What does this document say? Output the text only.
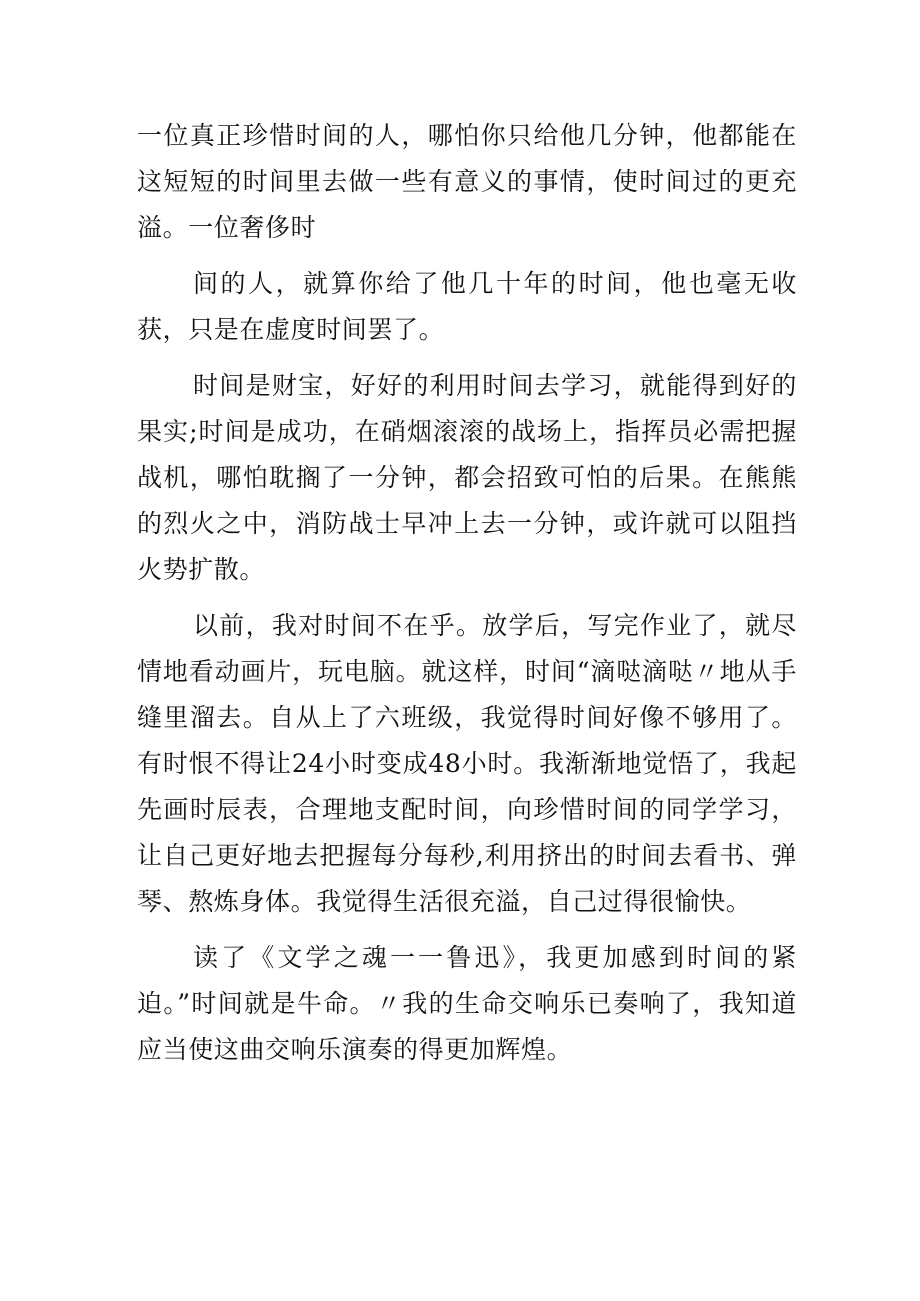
一位真正珍惜时间的人，哪怕你只给他几分钟，他都能在这短短的时间里去做一些有意义的事情，使时间过的更充溢。一位奢侈时

间的人，就算你给了他几十年的时间，他也毫无收获，只是在虚度时间罢了。

时间是财宝，好好的利用时间去学习，就能得到好的果实;时间是成功，在硝烟滚滚的战场上，指挥员必需把握战机，哪怕耽搁了一分钟，都会招致可怕的后果。在熊熊的烈火之中，消防战士早冲上去一分钟，或许就可以阻挡火势扩散。

以前，我对时间不在乎。放学后，写完作业了，就尽情地看动画片，玩电脑。就这样，时间“滴哒滴哒〃地从手缝里溜去。自从上了六班级，我觉得时间好像不够用了。有时恨不得让24小时变成48小时。我渐渐地觉悟了，我起先画时辰表，合理地支配时间，向珍惜时间的同学学习，让自己更好地去把握每分每秒,利用挤出的时间去看书、弹琴、熬炼身体。我觉得生活很充溢，自己过得很愉快。

读了《文学之魂一一鲁迅》，我更加感到时间的紧迫。”时间就是牛命。〃我的生命交响乐已奏响了，我知道应当使这曲交响乐演奏的得更加辉煌。
